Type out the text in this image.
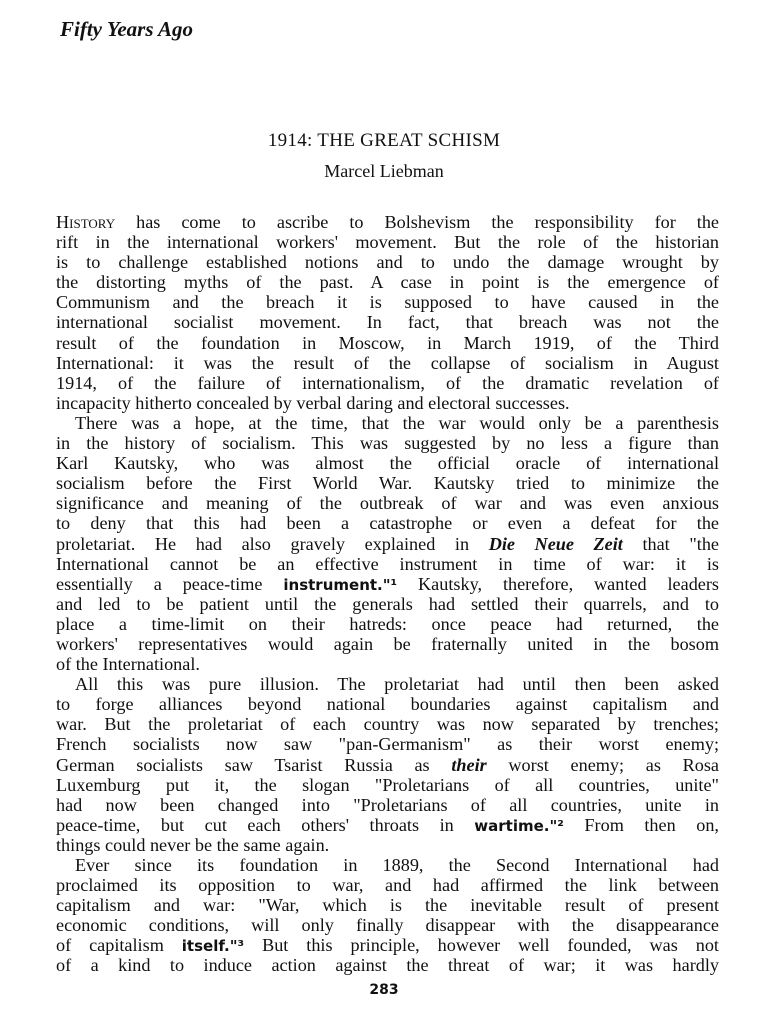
Fifty Years Ago
1914: THE GREAT SCHISM
Marcel Liebman
History has come to ascribe to Bolshevism the responsibility for the
rift in the international workers' movement. But the role of the historian
is to challenge established notions and to undo the damage wrought by
the distorting myths of the past. A case in point is the emergence of
Communism and the breach it is supposed to have caused in the
international socialist movement. In fact, that breach was not the
result of the foundation in Moscow, in March 1919, of the Third
International: it was the result of the collapse of socialism in August
1914, of the failure of internationalism, of the dramatic revelation of
incapacity hitherto concealed by verbal daring and electoral successes.
There was a hope, at the time, that the war would only be a parenthesis
in the history of socialism. This was suggested by no less a figure than
Karl Kautsky, who was almost the official oracle of international
socialism before the First World War. Kautsky tried to minimize the
significance and meaning of the outbreak of war and was even anxious
to deny that this had been a catastrophe or even a defeat for the
proletariat. He had also gravely explained in Die Neue Zeit that "the
International cannot be an effective instrument in time of war: it is
essentially a peace-time instrument."¹ Kautsky, therefore, wanted leaders
and led to be patient until the generals had settled their quarrels, and to
place a time-limit on their hatreds: once peace had returned, the
workers' representatives would again be fraternally united in the bosom
of the International.
All this was pure illusion. The proletariat had until then been asked
to forge alliances beyond national boundaries against capitalism and
war. But the proletariat of each country was now separated by trenches;
French socialists now saw "pan-Germanism" as their worst enemy;
German socialists saw Tsarist Russia as their worst enemy; as Rosa
Luxemburg put it, the slogan "Proletarians of all countries, unite"
had now been changed into "Proletarians of all countries, unite in
peace-time, but cut each others' throats in wartime."² From then on,
things could never be the same again.
Ever since its foundation in 1889, the Second International had
proclaimed its opposition to war, and had affirmed the link between
capitalism and war: "War, which is the inevitable result of present
economic conditions, will only finally disappear with the disappearance
of capitalism itself."³ But this principle, however well founded, was not
of a kind to induce action against the threat of war; it was hardly
283
